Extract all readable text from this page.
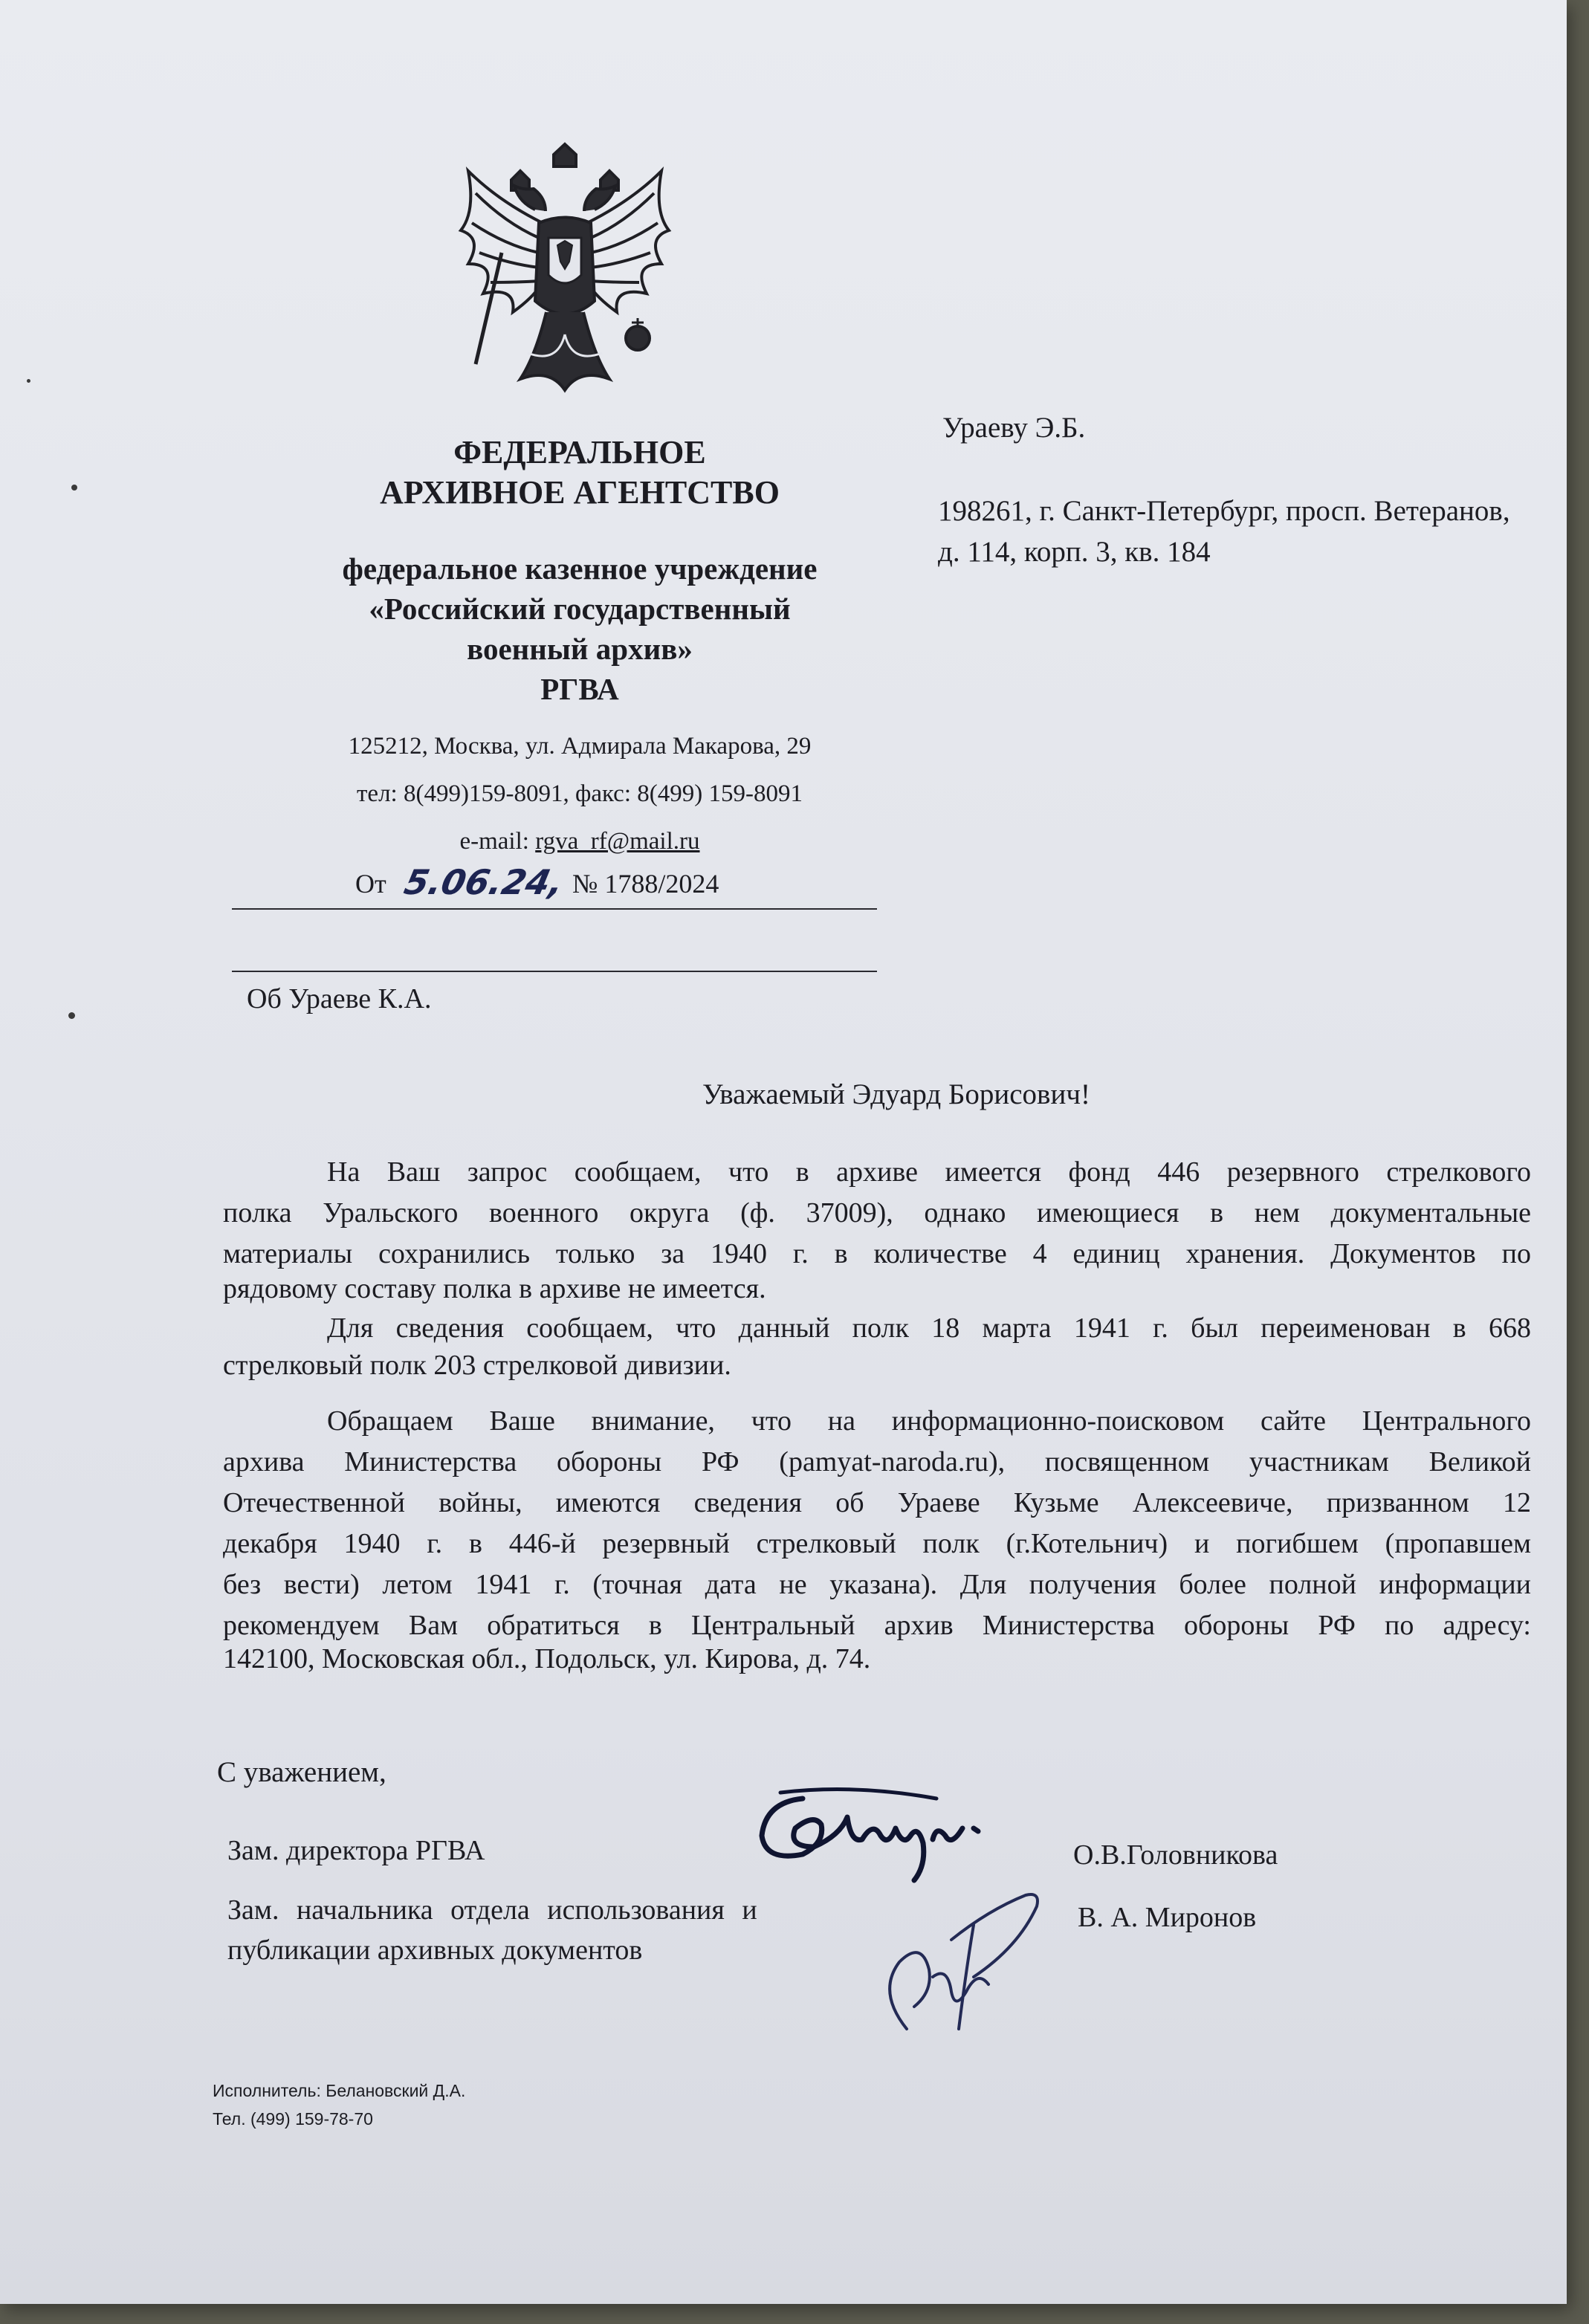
ФЕДЕРАЛЬНОЕ
АРХИВНОЕ АГЕНТСТВО
федеральное казенное учреждение
«Российский государственный
военный архив»
РГВА
125212, Москва, ул. Адмирала Макарова, 29
тел: 8(499)159-8091, факс: 8(499) 159-8091
e-mail: rgva_rf@mail.ru
От 5.06.24, № 1788/2024
Об Ураеве К.А.
Ураеву Э.Б.
198261, г. Санкт-Петербург, просп. Ветеранов,
д. 114, корп. 3, кв. 184
Уважаемый Эдуард Борисович!
На Ваш запрос сообщаем, что в архиве имеется фонд 446 резервного стрелкового
полка Уральского военного округа (ф. 37009), однако имеющиеся в нем документальные
материалы сохранились только за 1940 г. в количестве 4 единиц хранения. Документов по
рядовому составу полка в архиве не имеется.
Для сведения сообщаем, что данный полк 18 марта 1941 г. был переименован в 668
стрелковый полк 203 стрелковой дивизии.
Обращаем Ваше внимание, что на информационно-поисковом сайте Центрального
архива Министерства обороны РФ (pamyat-naroda.ru), посвященном участникам Великой
Отечественной войны, имеются сведения об Ураеве Кузьме Алексеевиче, призванном 12
декабря 1940 г. в 446-й резервный стрелковый полк (г.Котельнич) и погибшем (пропавшем
без вести) летом 1941 г. (точная дата не указана). Для получения более полной информации
рекомендуем Вам обратиться в Центральный архив Министерства обороны РФ по адресу:
142100, Московская обл., Подольск, ул. Кирова, д. 74.
С уважением,
Зам. директора РГВА	О.В.Головникова
Зам. начальника отдела использования и
публикации архивных документов
В. А. Миронов
Исполнитель: Белановский Д.А.
Тел. (499) 159-78-70
